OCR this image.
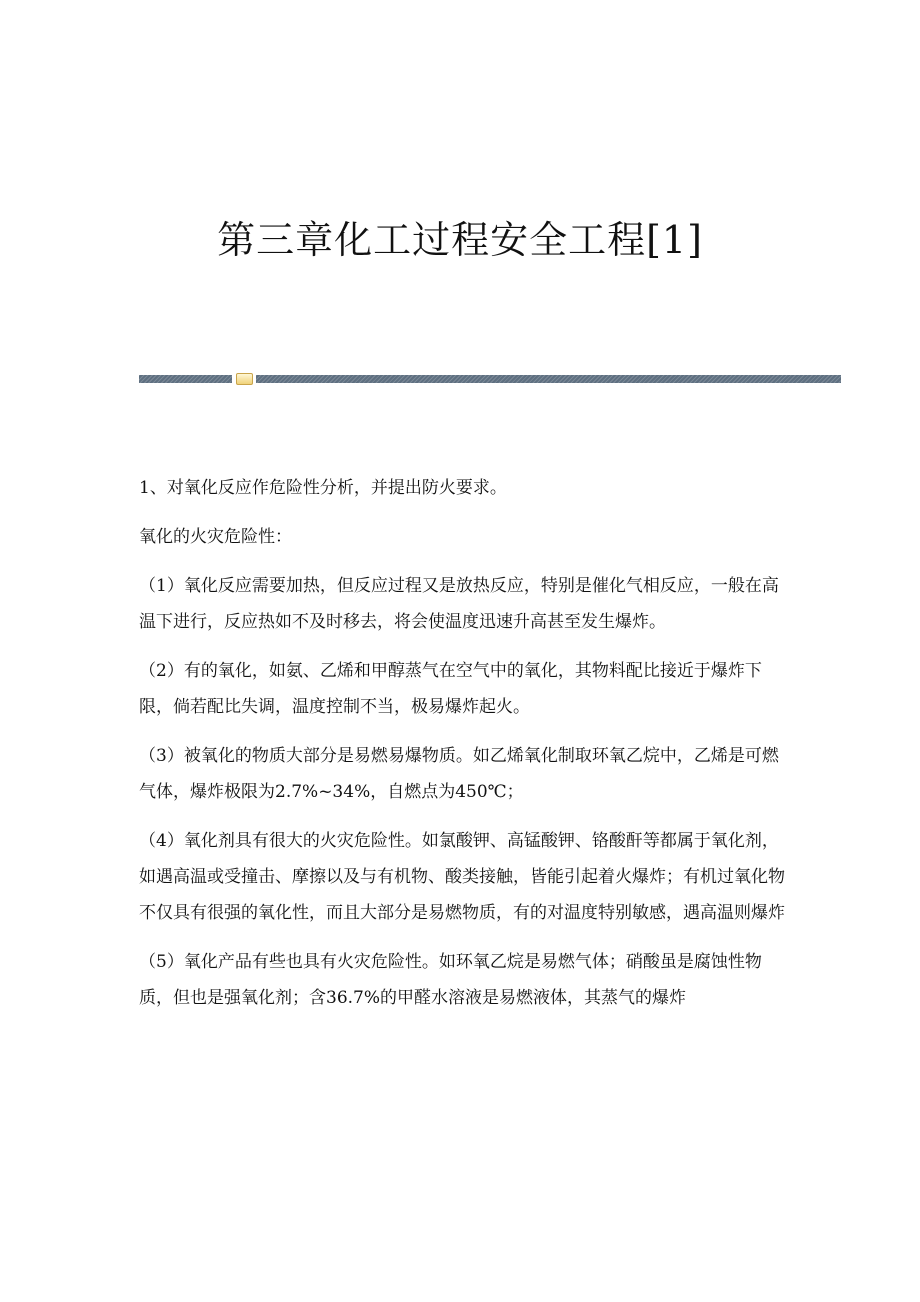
第三章化工过程安全工程[1]

1、对氧化反应作危险性分析，并提出防火要求。

氧化的火灾危险性：

（1）氧化反应需要加热，但反应过程又是放热反应，特别是催化气相反应，一般在高温下进行，反应热如不及时移去，将会使温度迅速升高甚至发生爆炸。

（2）有的氧化，如氨、乙烯和甲醇蒸气在空气中的氧化，其物料配比接近于爆炸下限，倘若配比失调，温度控制不当，极易爆炸起火。

（3）被氧化的物质大部分是易燃易爆物质。如乙烯氧化制取环氧乙烷中，乙烯是可燃气体，爆炸极限为2.7%~34%，自燃点为450℃；

（4）氧化剂具有很大的火灾危险性。如氯酸钾、高锰酸钾、铬酸酐等都属于氧化剂，如遇高温或受撞击、摩擦以及与有机物、酸类接触，皆能引起着火爆炸；有机过氧化物不仅具有很强的氧化性，而且大部分是易燃物质，有的对温度特别敏感，遇高温则爆炸

（5）氧化产品有些也具有火灾危险性。如环氧乙烷是易燃气体；硝酸虽是腐蚀性物质，但也是强氧化剂；含36.7%的甲醛水溶液是易燃液体，其蒸气的爆炸
